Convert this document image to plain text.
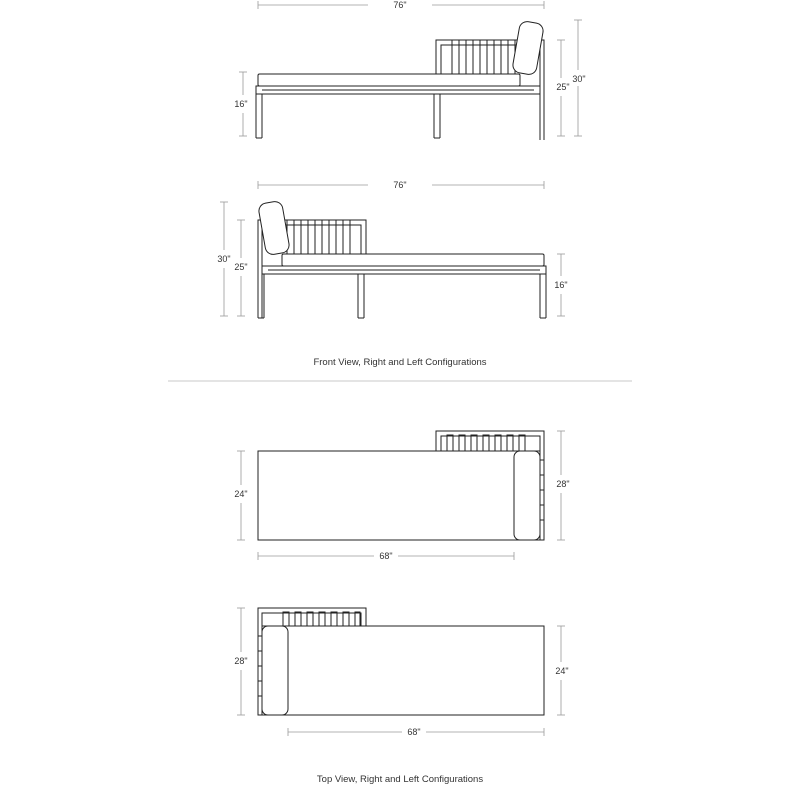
76"
16"
25"
30"
76"
30"
25"
16"
Front View, Right and Left Configurations
24"
28"
68"
28"
24"
68"
Top View, Right and Left Configurations
